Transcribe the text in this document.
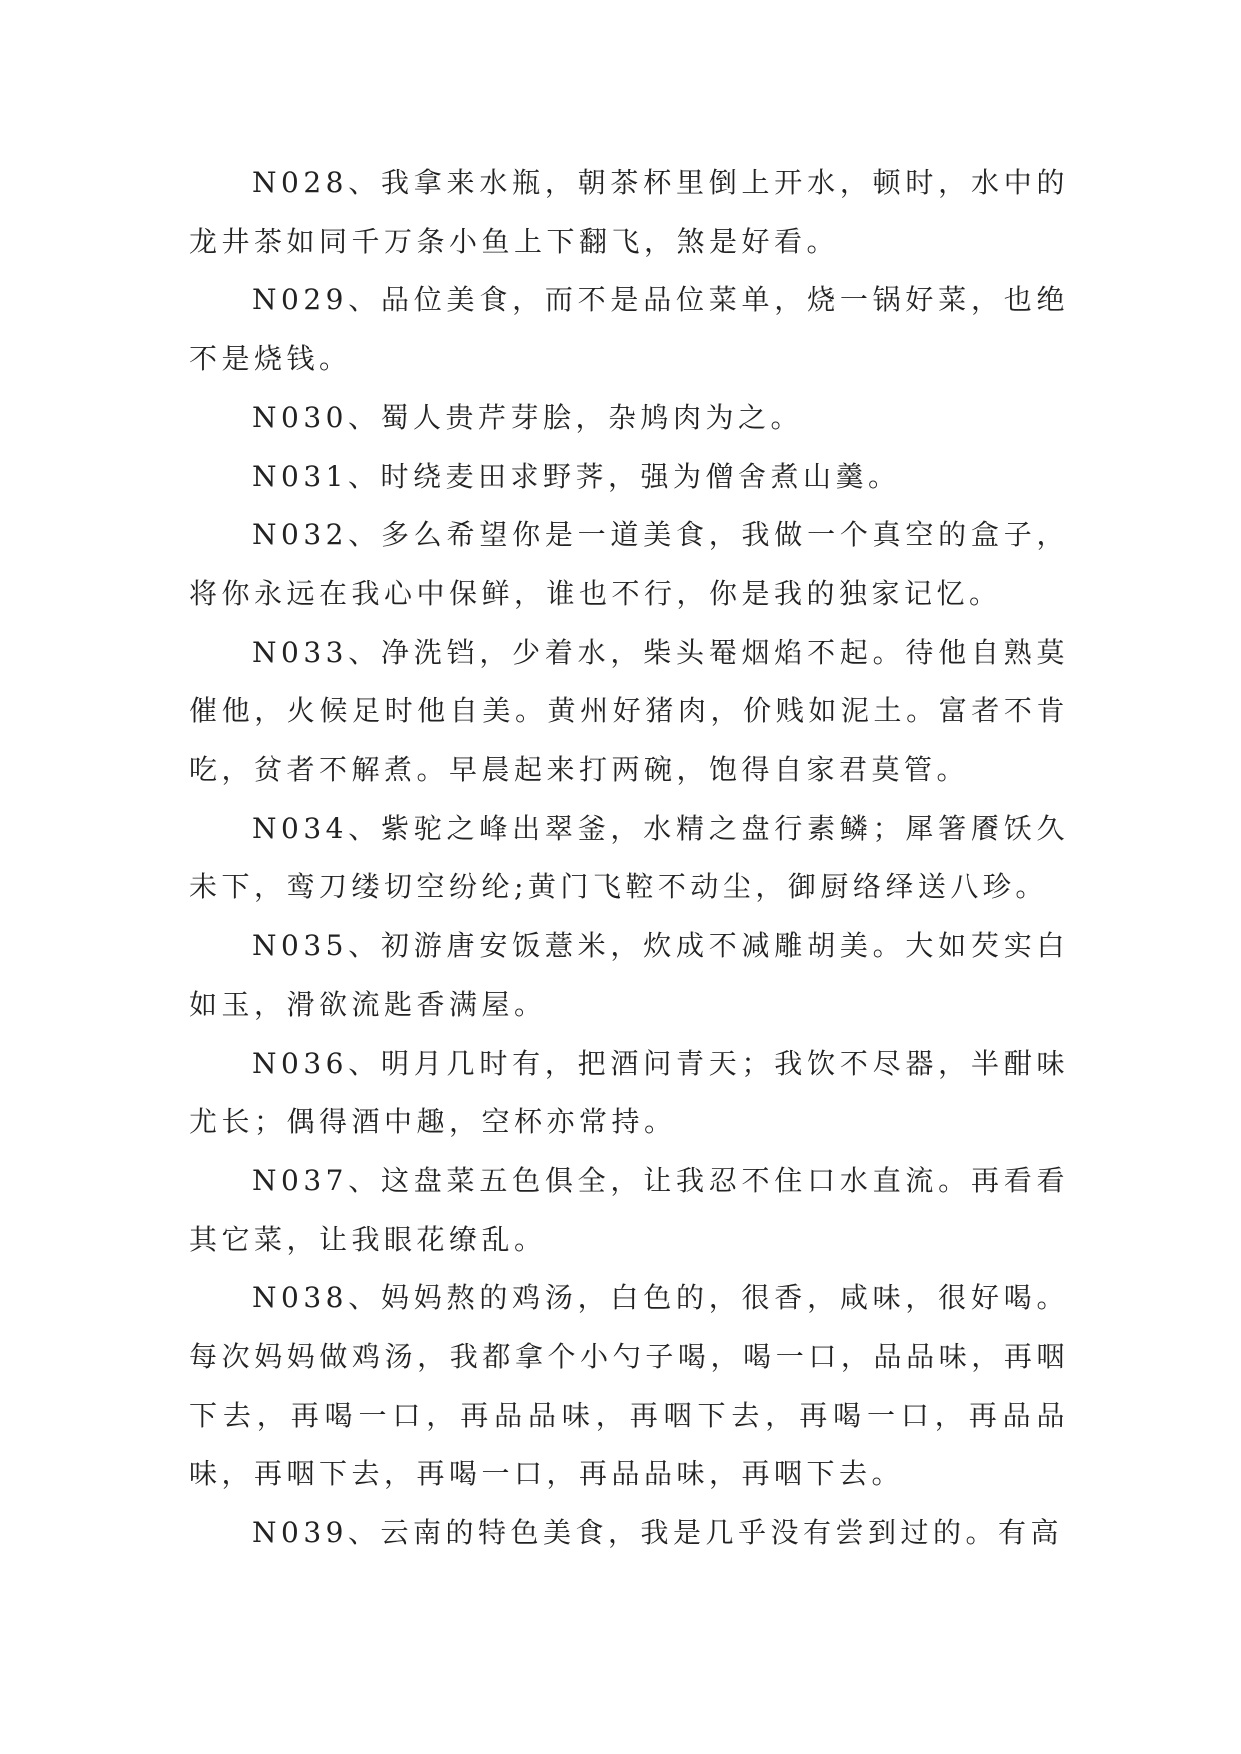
N028、我拿来水瓶，朝茶杯里倒上开水，顿时，水中的龙井茶如同千万条小鱼上下翻飞，煞是好看。

N029、品位美食，而不是品位菜单，烧一锅好菜，也绝不是烧钱。

N030、蜀人贵芹芽脍，杂鸠肉为之。

N031、时绕麦田求野荠，强为僧舍煮山羹。

N032、多么希望你是一道美食，我做一个真空的盒子，将你永远在我心中保鲜，谁也不行，你是我的独家记忆。

N033、净洗铛，少着水，柴头罨烟焰不起。待他自熟莫催他，火候足时他自美。黄州好猪肉，价贱如泥土。富者不肯吃，贫者不解煮。早晨起来打两碗，饱得自家君莫管。

N034、紫驼之峰出翠釜，水精之盘行素鳞；犀箸餍饫久未下，鸾刀缕切空纷纶;黄门飞鞚不动尘，御厨络绎送八珍。

N035、初游唐安饭薏米，炊成不减雕胡美。大如芡实白如玉，滑欲流匙香满屋。

N036、明月几时有，把酒问青天；我饮不尽器，半酣味尤长；偶得酒中趣，空杯亦常持。

N037、这盘菜五色俱全，让我忍不住口水直流。再看看其它菜，让我眼花缭乱。

N038、妈妈熬的鸡汤，白色的，很香，咸味，很好喝。每次妈妈做鸡汤，我都拿个小勺子喝，喝一口，品品味，再咽下去，再喝一口，再品品味，再咽下去，再喝一口，再品品味，再咽下去，再喝一口，再品品味，再咽下去。

N039、云南的特色美食，我是几乎没有尝到过的。有高
